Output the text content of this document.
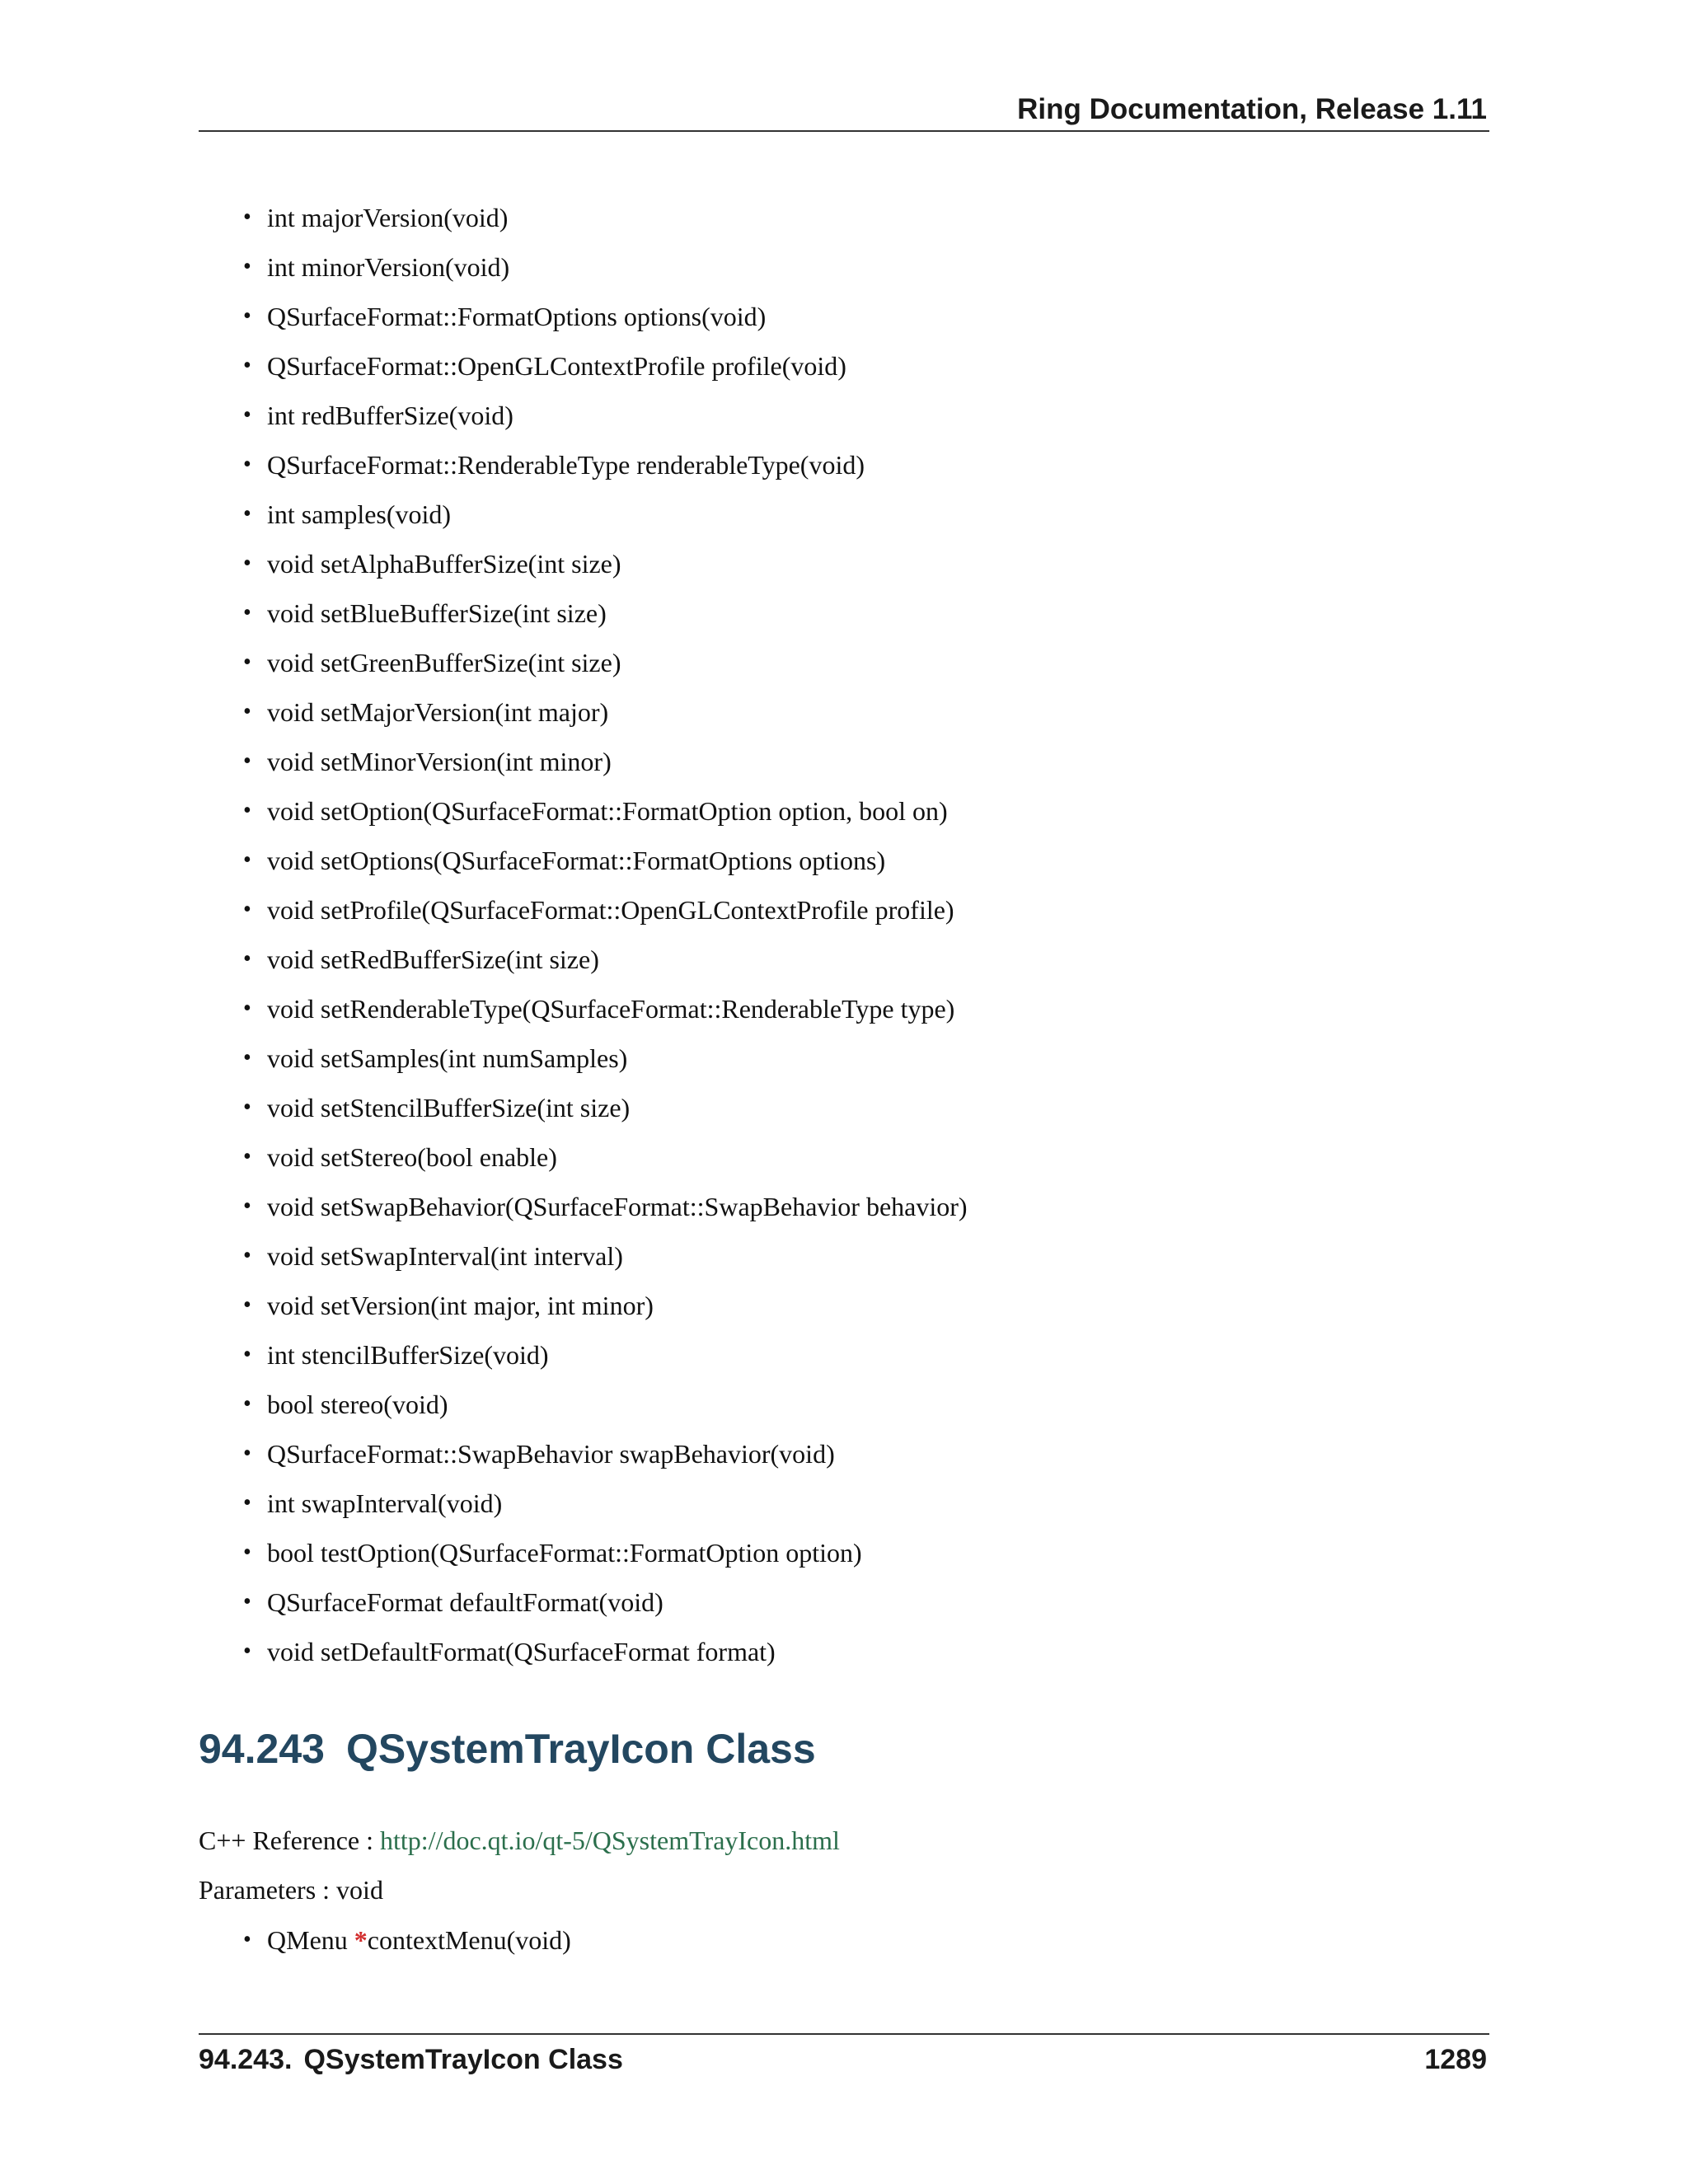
Ring Documentation, Release 1.11
• int majorVersion(void)
• int minorVersion(void)
• QSurfaceFormat::FormatOptions options(void)
• QSurfaceFormat::OpenGLContextProfile profile(void)
• int redBufferSize(void)
• QSurfaceFormat::RenderableType renderableType(void)
• int samples(void)
• void setAlphaBufferSize(int size)
• void setBlueBufferSize(int size)
• void setGreenBufferSize(int size)
• void setMajorVersion(int major)
• void setMinorVersion(int minor)
• void setOption(QSurfaceFormat::FormatOption option, bool on)
• void setOptions(QSurfaceFormat::FormatOptions options)
• void setProfile(QSurfaceFormat::OpenGLContextProfile profile)
• void setRedBufferSize(int size)
• void setRenderableType(QSurfaceFormat::RenderableType type)
• void setSamples(int numSamples)
• void setStencilBufferSize(int size)
• void setStereo(bool enable)
• void setSwapBehavior(QSurfaceFormat::SwapBehavior behavior)
• void setSwapInterval(int interval)
• void setVersion(int major, int minor)
• int stencilBufferSize(void)
• bool stereo(void)
• QSurfaceFormat::SwapBehavior swapBehavior(void)
• int swapInterval(void)
• bool testOption(QSurfaceFormat::FormatOption option)
• QSurfaceFormat defaultFormat(void)
• void setDefaultFormat(QSurfaceFormat format)
94.243 QSystemTrayIcon Class
C++ Reference : http://doc.qt.io/qt-5/QSystemTrayIcon.html
Parameters : void
• QMenu *contextMenu(void)
94.243. QSystemTrayIcon Class	1289
